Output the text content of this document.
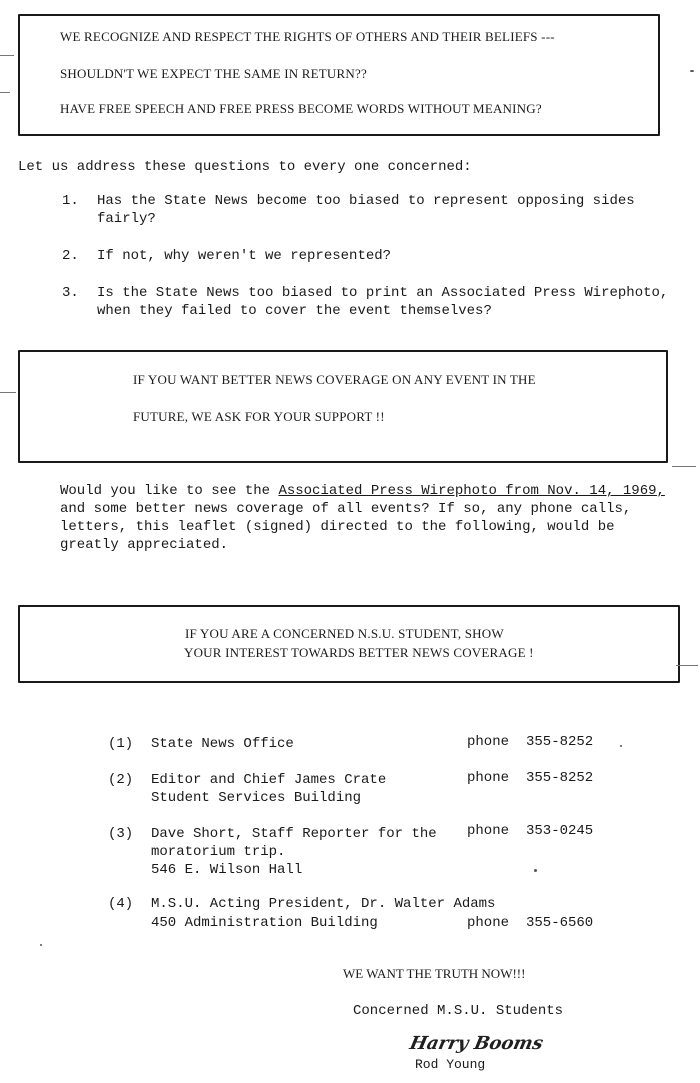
WE RECOGNIZE AND RESPECT THE RIGHTS OF OTHERS AND THEIR BELIEFS ---
SHOULDN'T WE EXPECT THE SAME IN RETURN??
HAVE FREE SPEECH AND FREE PRESS BECOME WORDS WITHOUT MEANING?
Let us address these questions to every one concerned:
1. Has the State News become too biased to represent opposing sides
fairly?
2. If not, why weren't we represented?
3. Is the State News too biased to print an Associated Press Wirephoto,
when they failed to cover the event themselves?
IF YOU WANT BETTER NEWS COVERAGE ON ANY EVENT IN THE
FUTURE, WE ASK FOR YOUR SUPPORT !!
Would you like to see the Associated Press Wirephoto from Nov. 14, 1969,
and some better news coverage of all events? If so, any phone calls,
letters, this leaflet (signed) directed to the following, would be
greatly appreciated.
IF YOU ARE A CONCERNED N.S.U. STUDENT, SHOW
YOUR INTEREST TOWARDS BETTER NEWS COVERAGE !
(1) State News Office	phone 355-8252
(2) Editor and Chief James Crate
Student Services Building
phone 355-8252
(3) Dave Short, Staff Reporter for the
moratorium trip.
546 E. Wilson Hall
phone 353-0245
(4) M.S.U. Acting President, Dr. Walter Adams
450 Administration Building	phone 355-6560
WE WANT THE TRUTH NOW!!!
Concerned M.S.U. Students
Harry Booms
Rod Young
